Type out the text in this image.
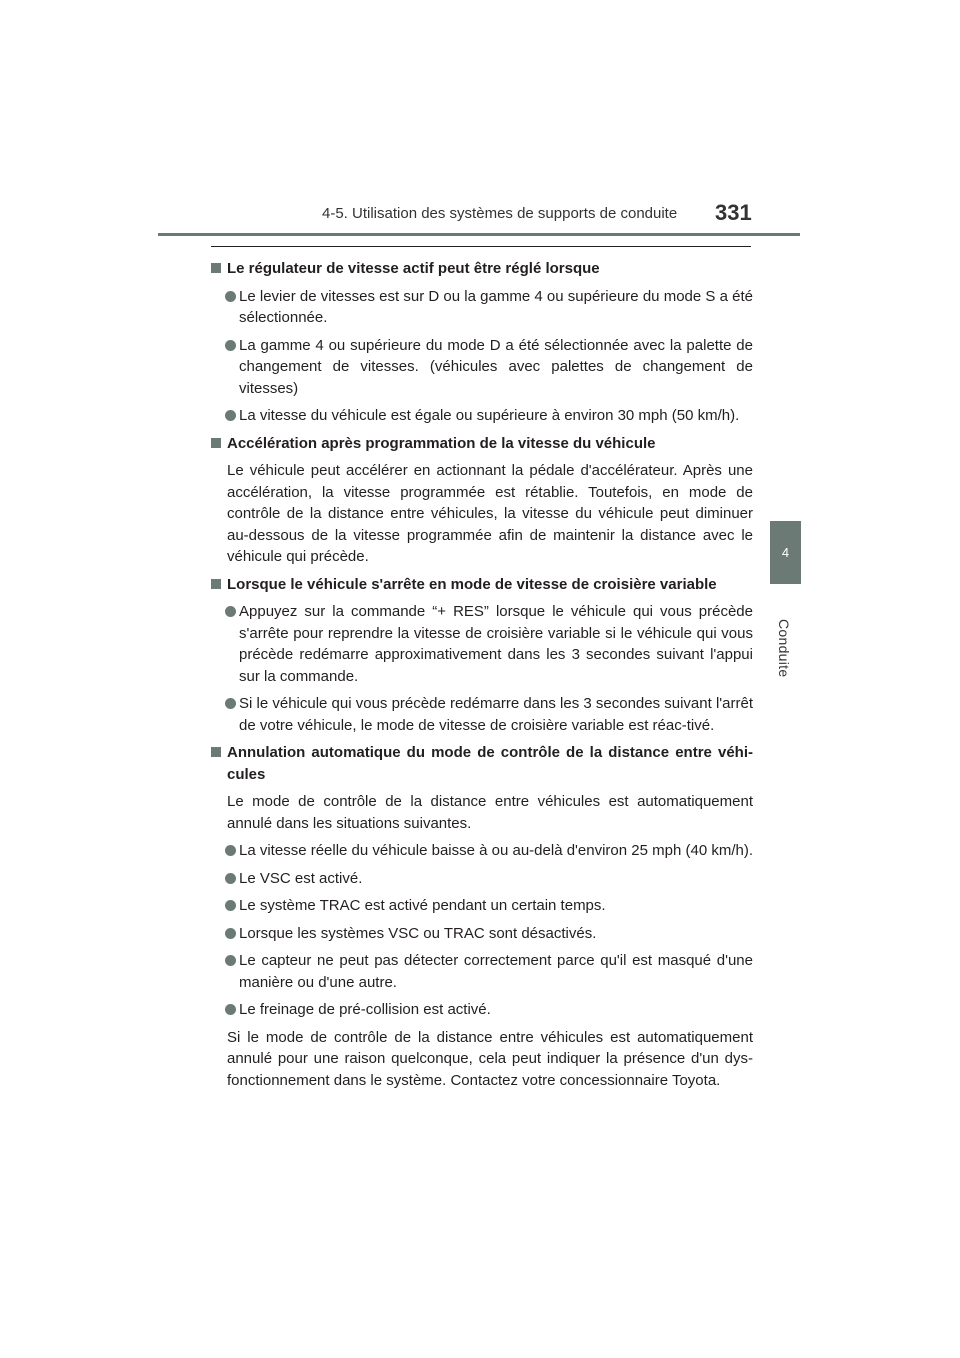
4-5. Utilisation des systèmes de supports de conduite 331
4
Conduite
Le régulateur de vitesse actif peut être réglé lorsque
Le levier de vitesses est sur D ou la gamme 4 ou supérieure du mode S a été sélectionnée.
La gamme 4 ou supérieure du mode D a été sélectionnée avec la palette de changement de vitesses. (véhicules avec palettes de changement de vitesses)
La vitesse du véhicule est égale ou supérieure à environ 30 mph (50 km/h).
Accélération après programmation de la vitesse du véhicule
Le véhicule peut accélérer en actionnant la pédale d'accélérateur. Après une accélération, la vitesse programmée est rétablie. Toutefois, en mode de contrôle de la distance entre véhicules, la vitesse du véhicule peut diminuer au-dessous de la vitesse programmée afin de maintenir la distance avec le véhicule qui précède.
Lorsque le véhicule s'arrête en mode de vitesse de croisière variable
Appuyez sur la commande “+ RES” lorsque le véhicule qui vous précède s'arrête pour reprendre la vitesse de croisière variable si le véhicule qui vous précède redémarre approximativement dans les 3 secondes suivant l'appui sur la commande.
Si le véhicule qui vous précède redémarre dans les 3 secondes suivant l'arrêt de votre véhicule, le mode de vitesse de croisière variable est réac-tivé.
Annulation automatique du mode de contrôle de la distance entre véhi-cules
Le mode de contrôle de la distance entre véhicules est automatiquement annulé dans les situations suivantes.
La vitesse réelle du véhicule baisse à ou au-delà d'environ 25 mph (40 km/h).
Le VSC est activé.
Le système TRAC est activé pendant un certain temps.
Lorsque les systèmes VSC ou TRAC sont désactivés.
Le capteur ne peut pas détecter correctement parce qu'il est masqué d'une manière ou d'une autre.
Le freinage de pré-collision est activé.
Si le mode de contrôle de la distance entre véhicules est automatiquement annulé pour une raison quelconque, cela peut indiquer la présence d'un dys-fonctionnement dans le système. Contactez votre concessionnaire Toyota.
